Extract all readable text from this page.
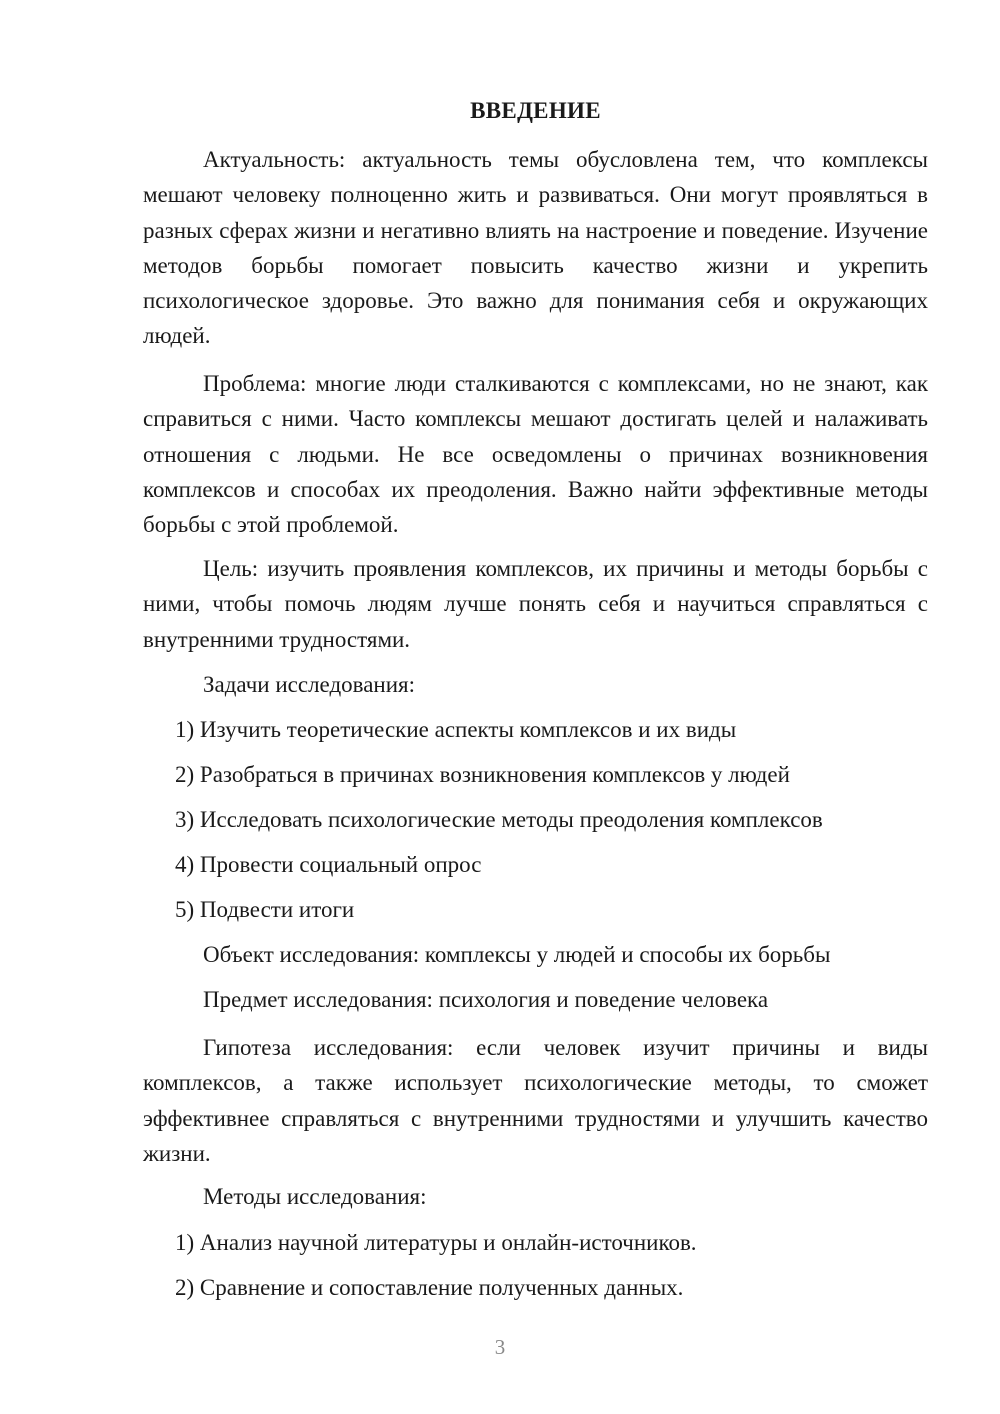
ВВЕДЕНИЕ

Актуальность: актуальность темы обусловлена тем, что комплексы мешают человеку полноценно жить и развиваться. Они могут проявляться в разных сферах жизни и негативно влиять на настроение и поведение. Изучение методов борьбы помогает повысить качество жизни и укрепить психологическое здоровье. Это важно для понимания себя и окружающих людей.

Проблема: многие люди сталкиваются с комплексами, но не знают, как справиться с ними. Часто комплексы мешают достигать целей и налаживать отношения с людьми. Не все осведомлены о причинах возникновения комплексов и способах их преодоления. Важно найти эффективные методы борьбы с этой проблемой.

Цель: изучить проявления комплексов, их причины и методы борьбы с ними, чтобы помочь людям лучше понять себя и научиться справляться с внутренними трудностями.

Задачи исследования:

1) Изучить теоретические аспекты комплексов и их виды

2) Разобраться в причинах возникновения комплексов у людей

3) Исследовать психологические методы преодоления комплексов

4) Провести социальный опрос

5) Подвести итоги

Объект исследования: комплексы у людей и способы их борьбы

Предмет исследования: психология и поведение человека

Гипотеза исследования: если человек изучит причины и виды комплексов, а также использует психологические методы, то сможет эффективнее справляться с внутренними трудностями и улучшить качество жизни.

Методы исследования:

1) Анализ научной литературы и онлайн-источников.

2) Сравнение и сопоставление полученных данных.

3
